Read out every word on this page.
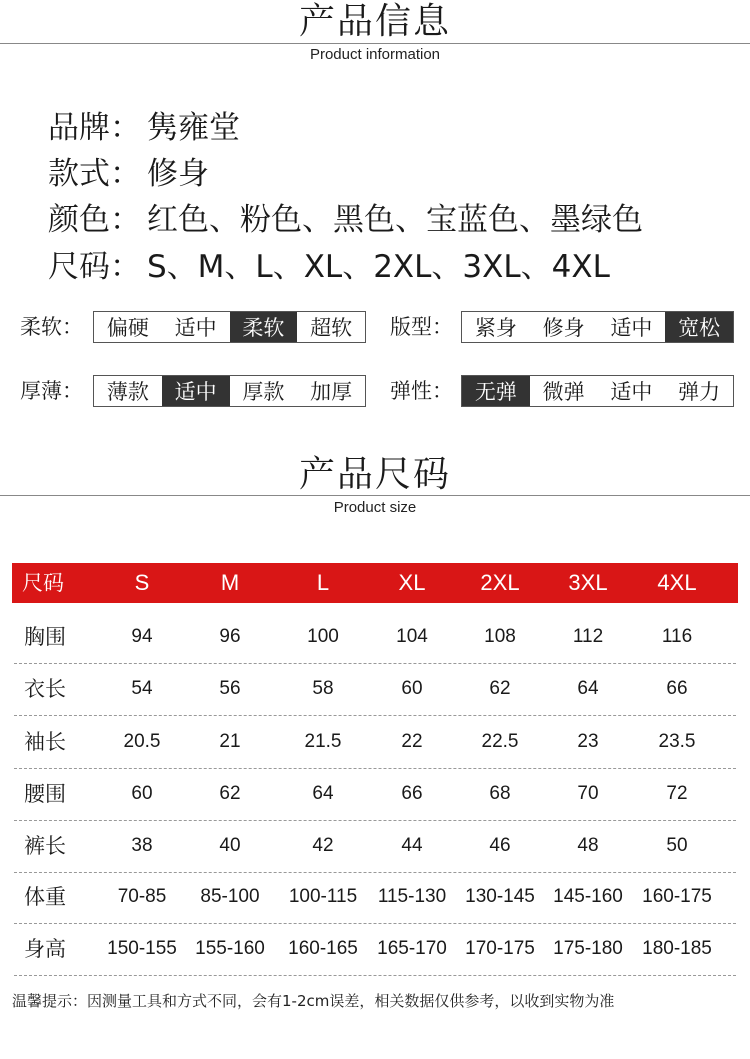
产品信息
Product information
品牌： 隽雍堂
款式： 修身
颜色： 红色、粉色、黑色、宝蓝色、墨绿色
尺码： S、M、L、XL、2XL、3XL、4XL
柔软：	偏硬	适中	柔软	超软	版型：	紧身	修身	适中	宽松
厚薄：	薄款	适中	厚款	加厚	弹性：	无弹	微弹	适中	弹力
产品尺码
Product size
尺码	S	M	L	XL	2XL	3XL	4XL
胸围	94	96	100	104	108	112	116
衣长	54	56	58	60	62	64	66
袖长	20.5	21	21.5	22	22.5	23	23.5
腰围	60	62	64	66	68	70	72
裤长	38	40	42	44	46	48	50
体重	70-85	85-100	100-115	115-130 130-145 145-160	160-175
身高	150-155 155-160	160-165	165-170 170-175 175-180	180-185
温馨提示：因测量工具和方式不同，会有1-2cm误差，相关数据仅供参考，以收到实物为准
